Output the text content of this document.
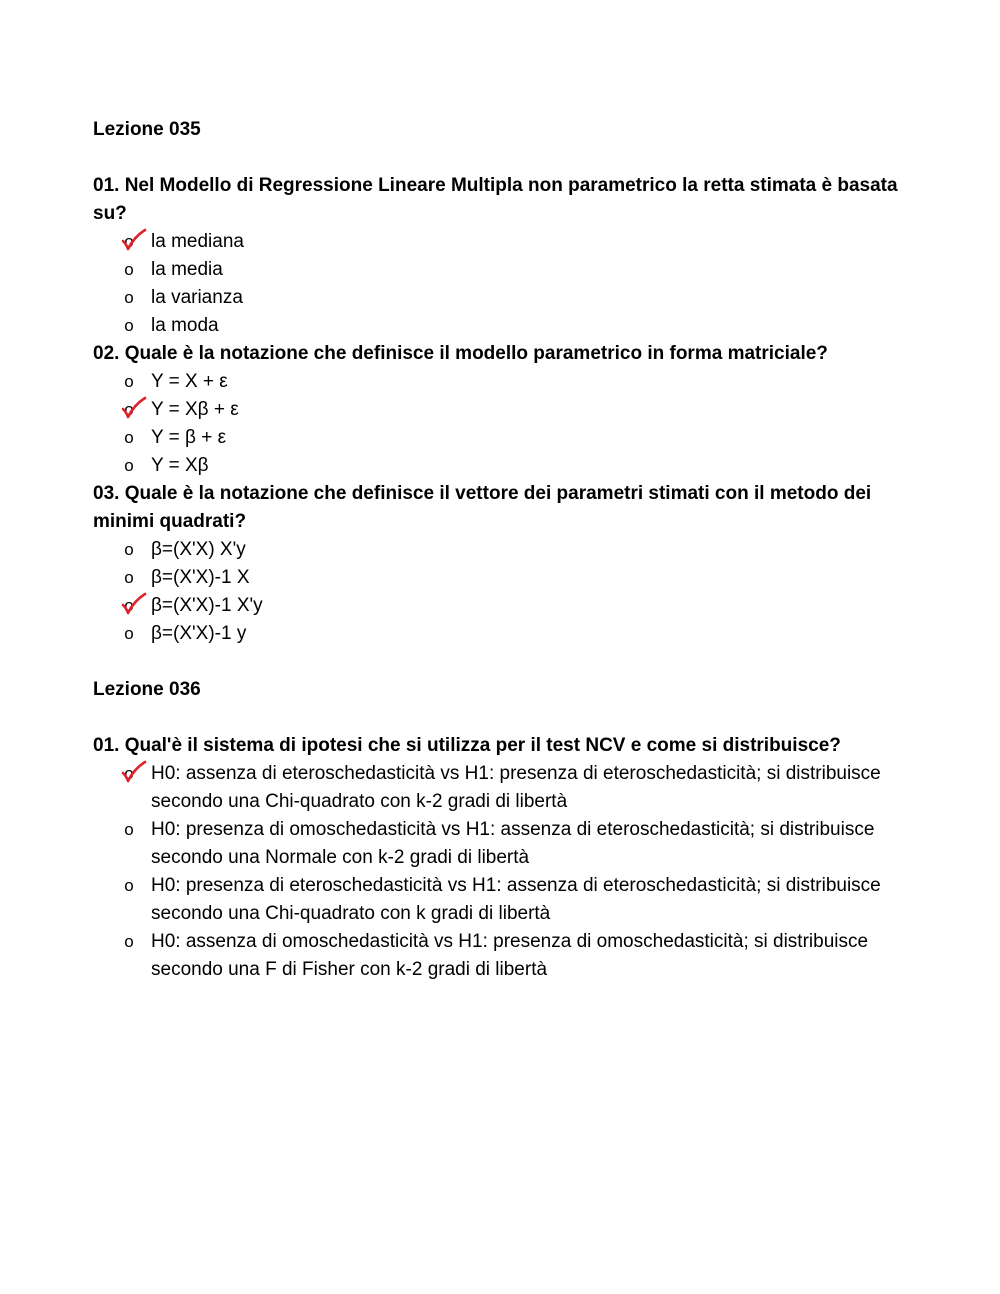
Lezione 035
01. Nel Modello di Regressione Lineare Multipla non parametrico la retta stimata è basata su?
o la mediana
o la media
o la varianza
o la moda
02. Quale è la notazione che definisce il modello parametrico in forma matriciale?
o Y = X + ε
o Y = Xβ + ε
o Y = β + ε
o Y = Xβ
03. Quale è la notazione che definisce il vettore dei parametri stimati con il metodo dei minimi quadrati?
o β=(X'X) X'y
o β=(X'X)-1 X
o β=(X'X)-1 X'y
o β=(X'X)-1 y
Lezione 036
01. Qual'è il sistema di ipotesi che si utilizza per il test NCV e come si distribuisce?
o H0: assenza di eteroschedasticità vs H1: presenza di eteroschedasticità; si distribuisce secondo una Chi-quadrato con k-2 gradi di libertà
o H0: presenza di omoschedasticità vs H1: assenza di eteroschedasticità; si distribuisce secondo una Normale con k-2 gradi di libertà
o H0: presenza di eteroschedasticità vs H1: assenza di eteroschedasticità; si distribuisce secondo una Chi-quadrato con k gradi di libertà
o H0: assenza di omoschedasticità vs H1: presenza di omoschedasticità; si distribuisce secondo una F di Fisher con k-2 gradi di libertà
